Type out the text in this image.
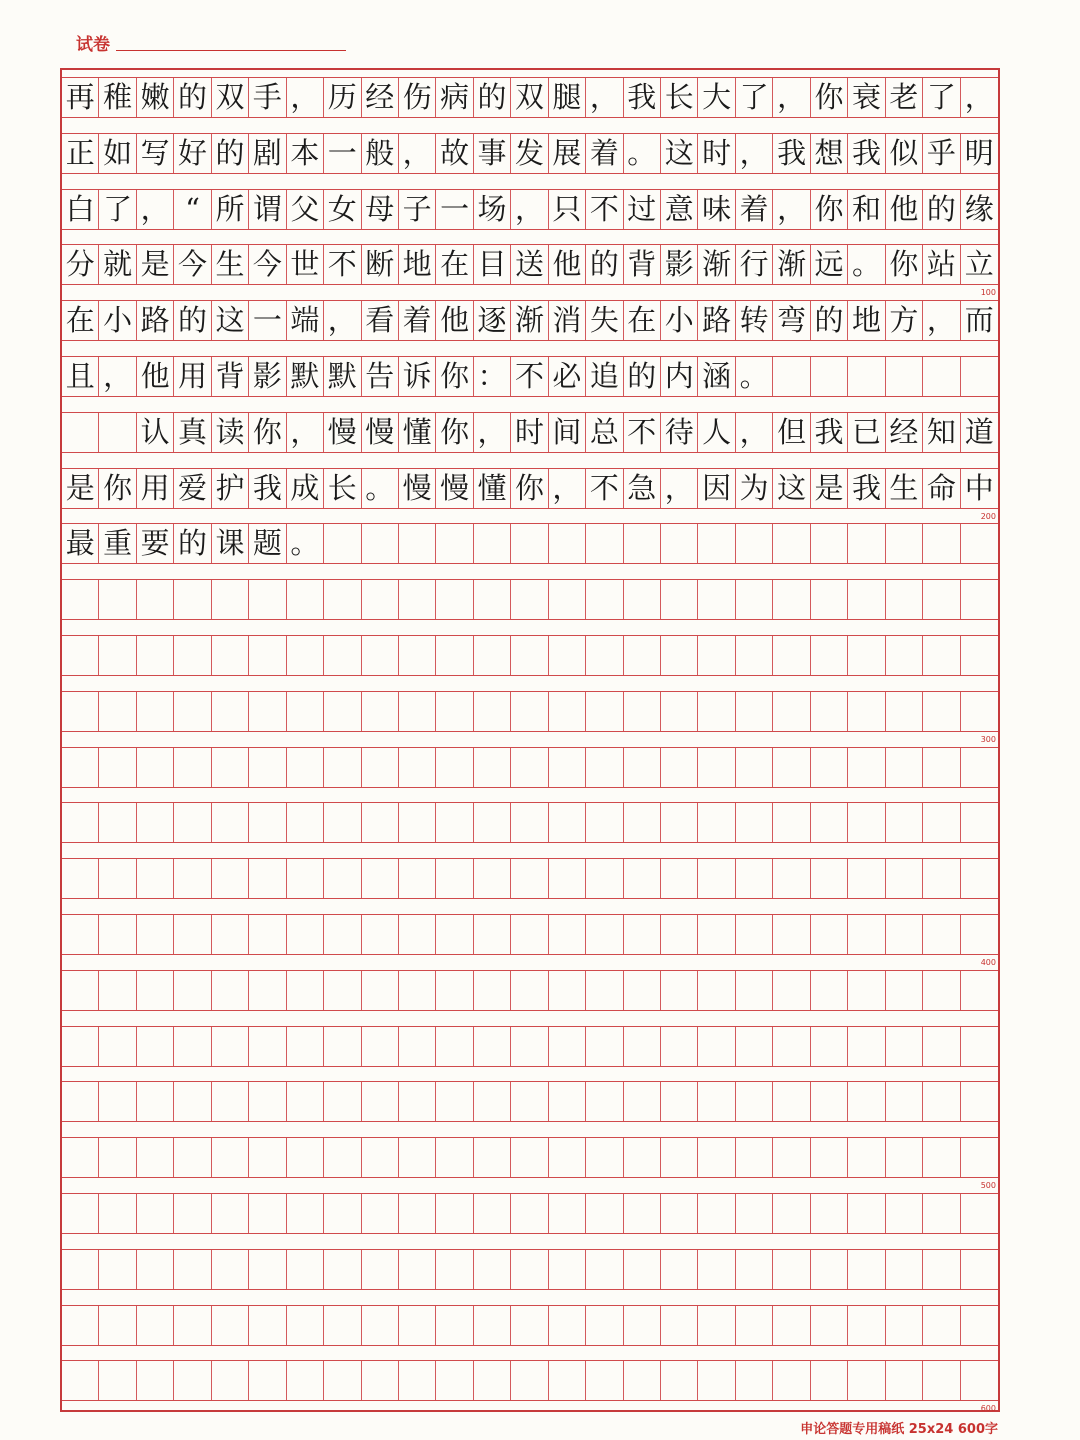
试卷
再 稚 嫩 的 双 手 ， 历 经 伤 病 的 双 腿 ， 我 长 大 了 ， 你 衰 老 了 ，
正 如 写 好 的 剧 本 一 般 ， 故 事 发 展 着 。 这 时 ， 我 想 我 似 乎 明
白 了 ， “ 所 谓 父 女 母 子 一 场 ， 只 不 过 意 味 着 ， 你 和 他 的 缘
分 就 是 今 生 今 世 不 断 地 在 目 送 他 的 背 影 渐 行 渐 远 。 你 站 立
100
在 小 路 的 这 一 端 ， 看 着 他 逐 渐 消 失 在 小 路 转 弯 的 地 方 ， 而
且 ， 他 用 背 影 默 默 告 诉 你 ： 不 必 追 的 内 涵 。
认 真 读 你 ， 慢 慢 懂 你 ， 时 间 总 不 待 人 ， 但 我 已 经 知 道
是 你 用 爱 护 我 成 长 。 慢 慢 懂 你 ， 不 急 ， 因 为 这 是 我 生 命 中
200
最 重 要 的 课 题 。
300
400
500
600
申论答题专用稿纸 25x24 600字
